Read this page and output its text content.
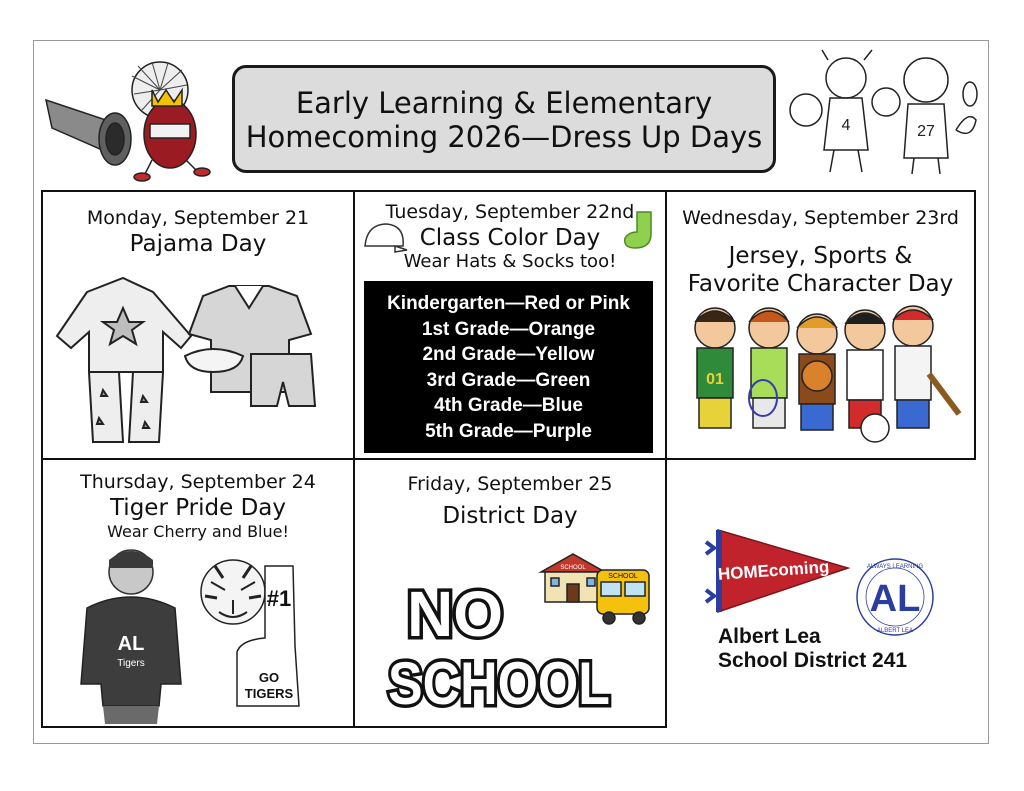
Early Learning & Elementary
Homecoming 2026—Dress Up Days	4	27
Monday, September 21
Pajama Day
Tuesday, September 22nd
Class Color Day
Wear Hats & Socks too!
Wednesday, September 23rd
Jersey, Sports &
Favorite Character Day
01
Thursday, September 24
Tiger Pride Day
Wear Cherry and Blue!
AL
Tigers
#1
GO
TIGERS
Friday, September 25
District Day
SCHOOL
SCHOOL
NO
SCHOOL
Kindergarten—Red or Pink
1st Grade—Orange
2nd Grade—Yellow
3rd Grade—Green
4th Grade—Blue
5th Grade—Purple
HOMEcoming
AL
ALWAYS LEARNING
ALBERT LEA
Albert Lea
School District 241
